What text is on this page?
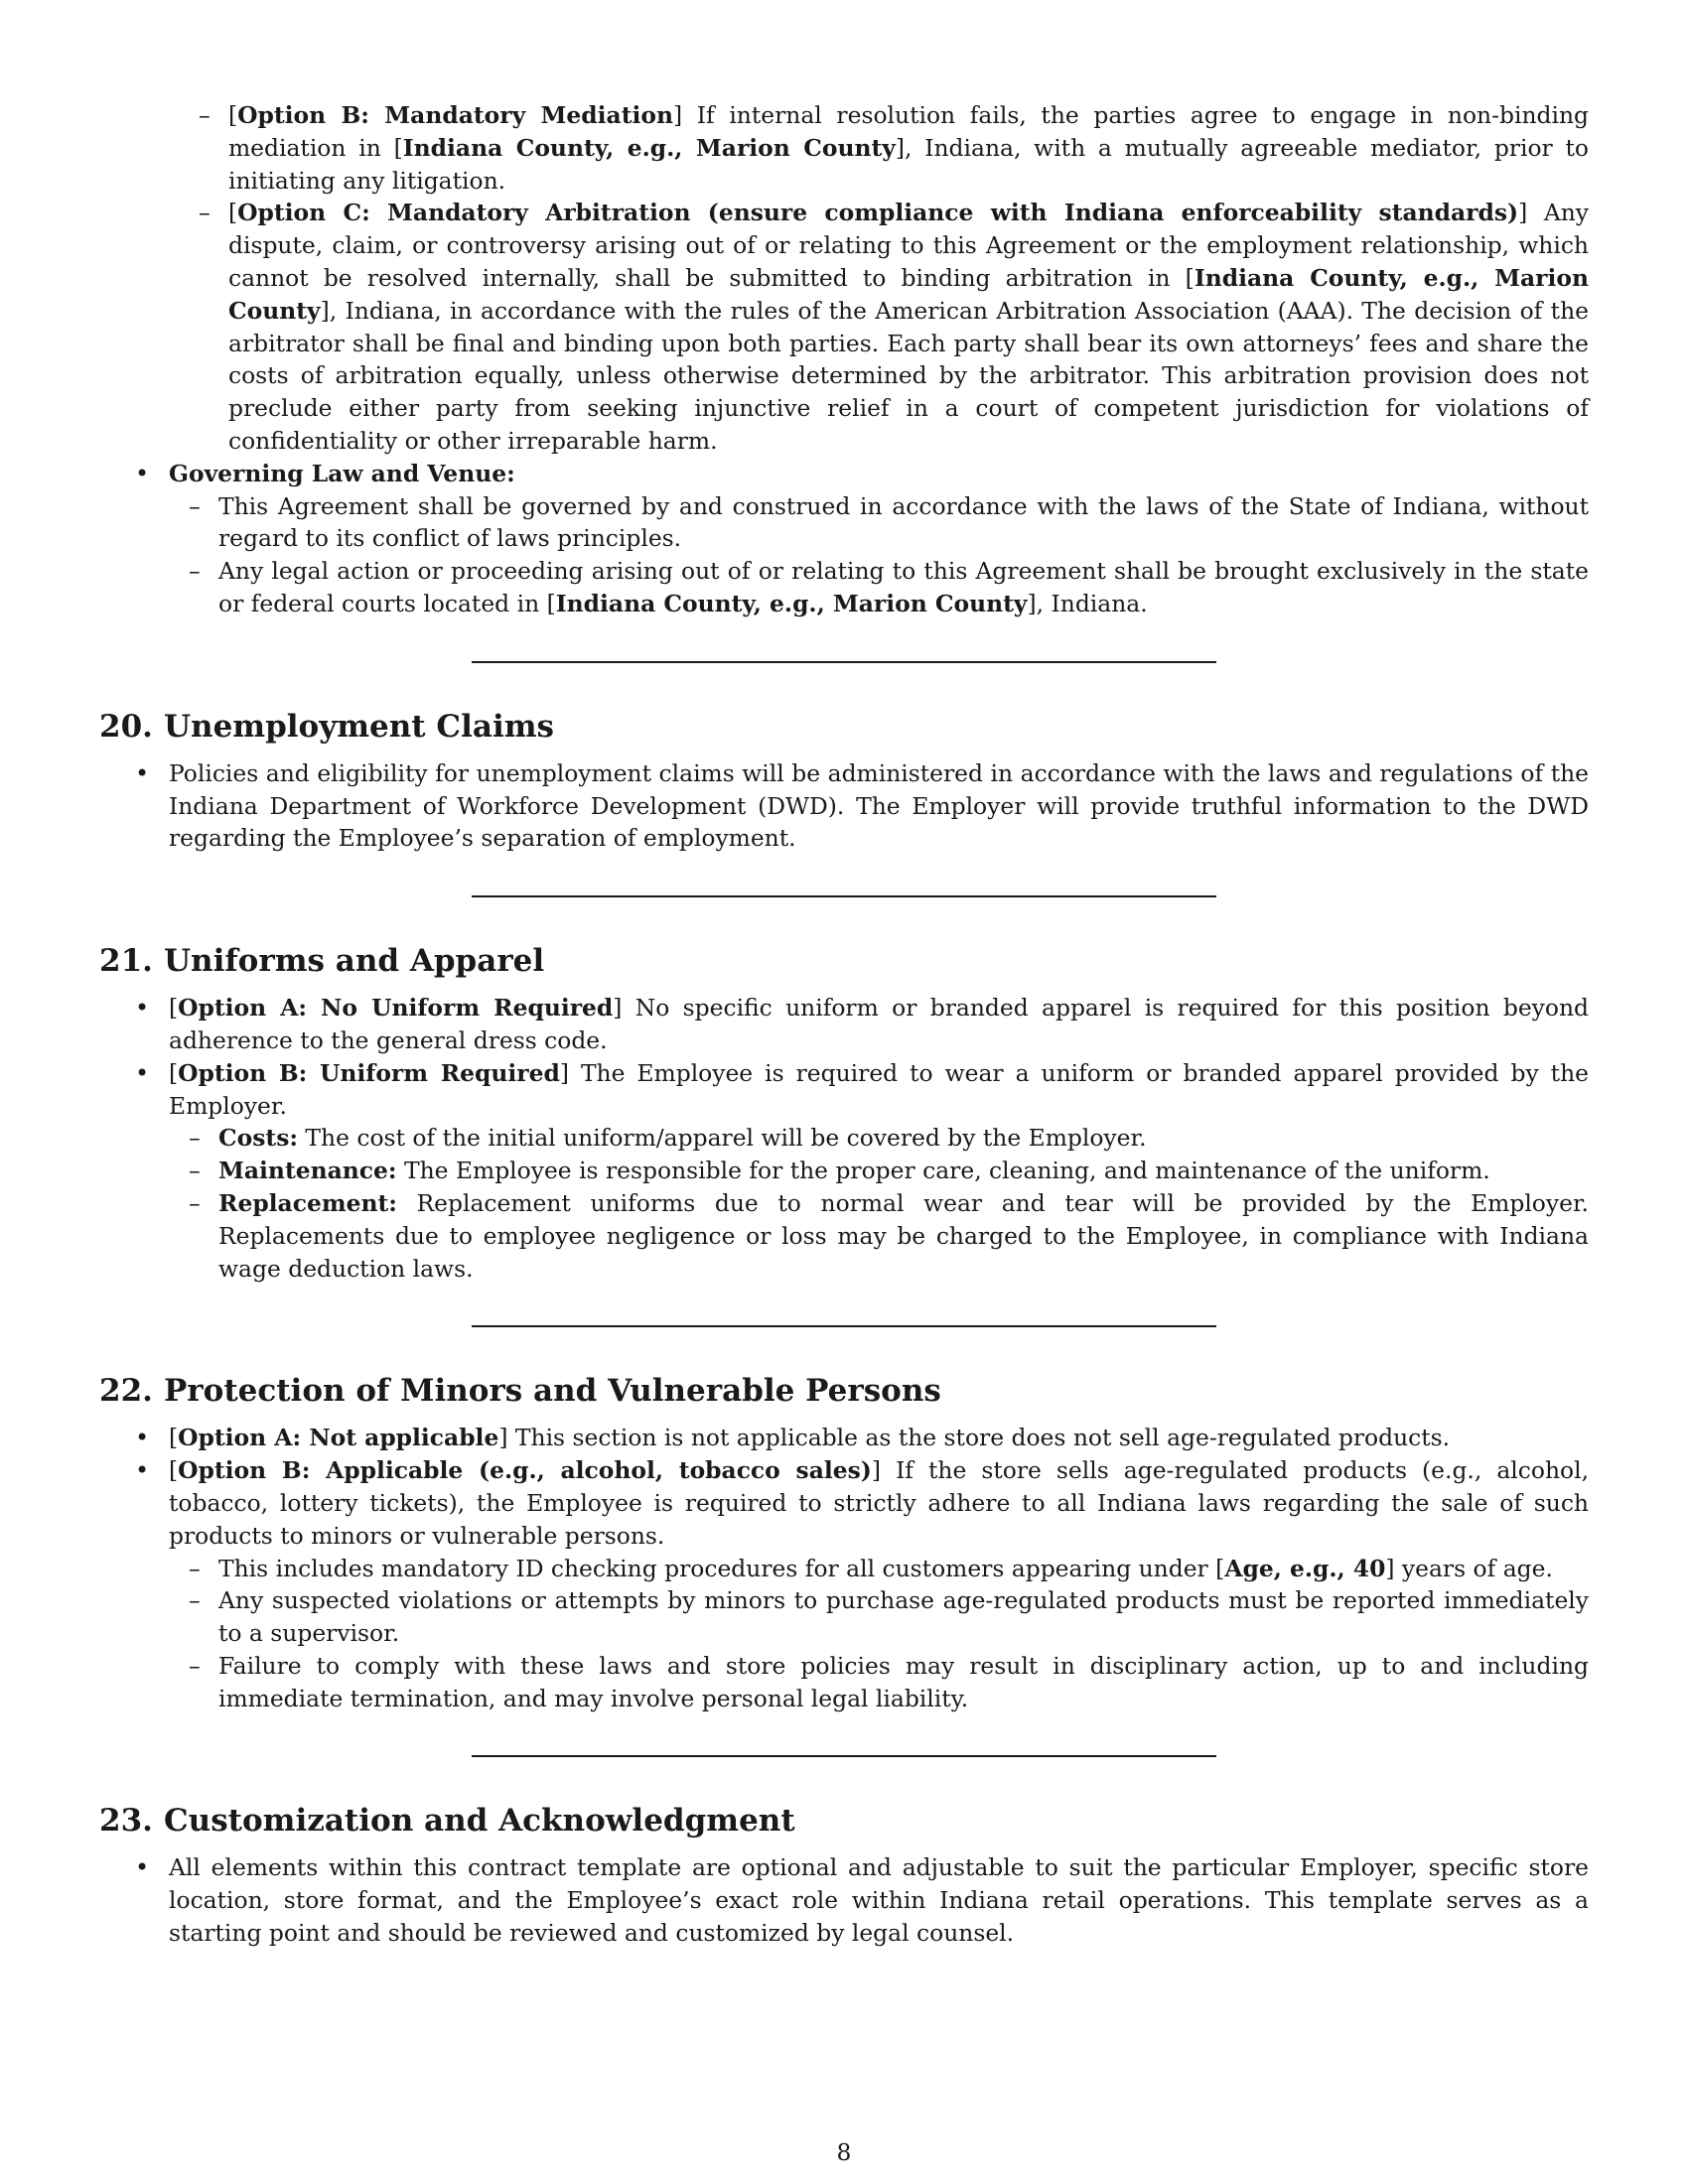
– [Option B: Mandatory Mediation] If internal resolution fails, the parties agree to engage in non-binding mediation in [Indiana County, e.g., Marion County], Indiana, with a mutually agreeable mediator, prior to initiating any litigation.
– [Option C: Mandatory Arbitration (ensure compliance with Indiana enforceability standards)] Any dispute, claim, or controversy arising out of or relating to this Agreement or the employment relationship, which cannot be resolved internally, shall be submitted to binding arbitration in [Indiana County, e.g., Marion County], Indiana, in accordance with the rules of the American Arbitration Association (AAA). The decision of the arbitrator shall be final and binding upon both parties. Each party shall bear its own attorneys’ fees and share the costs of arbitration equally, unless otherwise determined by the arbitrator. This arbitration provision does not preclude either party from seeking injunctive relief in a court of competent jurisdiction for violations of confidentiality or other irreparable harm.
• Governing Law and Venue:
– This Agreement shall be governed by and construed in accordance with the laws of the State of Indiana, without regard to its conflict of laws principles.
– Any legal action or proceeding arising out of or relating to this Agreement shall be brought exclusively in the state or federal courts located in [Indiana County, e.g., Marion County], Indiana.
20. Unemployment Claims
• Policies and eligibility for unemployment claims will be administered in accordance with the laws and regulations of the Indiana Department of Workforce Development (DWD). The Employer will provide truthful information to the DWD regarding the Employee’s separation of employment.
21. Uniforms and Apparel
• [Option A: No Uniform Required] No specific uniform or branded apparel is required for this position beyond adherence to the general dress code.
• [Option B: Uniform Required] The Employee is required to wear a uniform or branded apparel provided by the Employer.
– Costs: The cost of the initial uniform/apparel will be covered by the Employer.
– Maintenance: The Employee is responsible for the proper care, cleaning, and maintenance of the uniform.
– Replacement: Replacement uniforms due to normal wear and tear will be provided by the Employer. Replacements due to employee negligence or loss may be charged to the Employee, in compliance with Indiana wage deduction laws.
22. Protection of Minors and Vulnerable Persons
• [Option A: Not applicable] This section is not applicable as the store does not sell age-regulated products.
• [Option B: Applicable (e.g., alcohol, tobacco sales)] If the store sells age-regulated products (e.g., alcohol, tobacco, lottery tickets), the Employee is required to strictly adhere to all Indiana laws regarding the sale of such products to minors or vulnerable persons.
– This includes mandatory ID checking procedures for all customers appearing under [Age, e.g., 40] years of age.
– Any suspected violations or attempts by minors to purchase age-regulated products must be reported immediately to a supervisor.
– Failure to comply with these laws and store policies may result in disciplinary action, up to and including immediate termination, and may involve personal legal liability.
23. Customization and Acknowledgment
• All elements within this contract template are optional and adjustable to suit the particular Employer, specific store location, store format, and the Employee’s exact role within Indiana retail operations. This template serves as a starting point and should be reviewed and customized by legal counsel.
8
